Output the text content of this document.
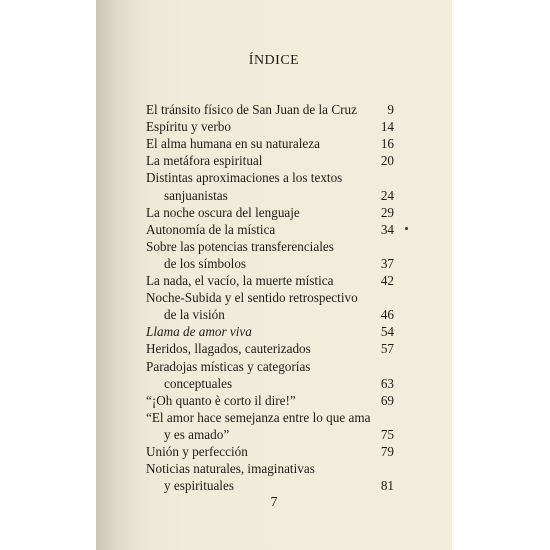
ÍNDICE
El tránsito físico de San Juan de la Cruz	9
Espíritu y verbo	14
El alma humana en su naturaleza	16
La metáfora espiritual	20
Distintas aproximaciones a los textos
sanjuanistas	24
La noche oscura del lenguaje	29
Autonomía de la mística	34
Sobre las potencias transferenciales
de los símbolos	37
La nada, el vacío, la muerte mística	42
Noche-Subida y el sentido retrospectivo
de la visión	46
Llama de amor viva	54
Heridos, llagados, cauterizados	57
Paradojas místicas y categorías
conceptuales	63
“¡Oh quanto è corto il dire!”	69
“El amor hace semejanza entre lo que ama
y es amado”	75
Unión y perfección	79
Noticias naturales, imaginativas
y espirituales	81
7
